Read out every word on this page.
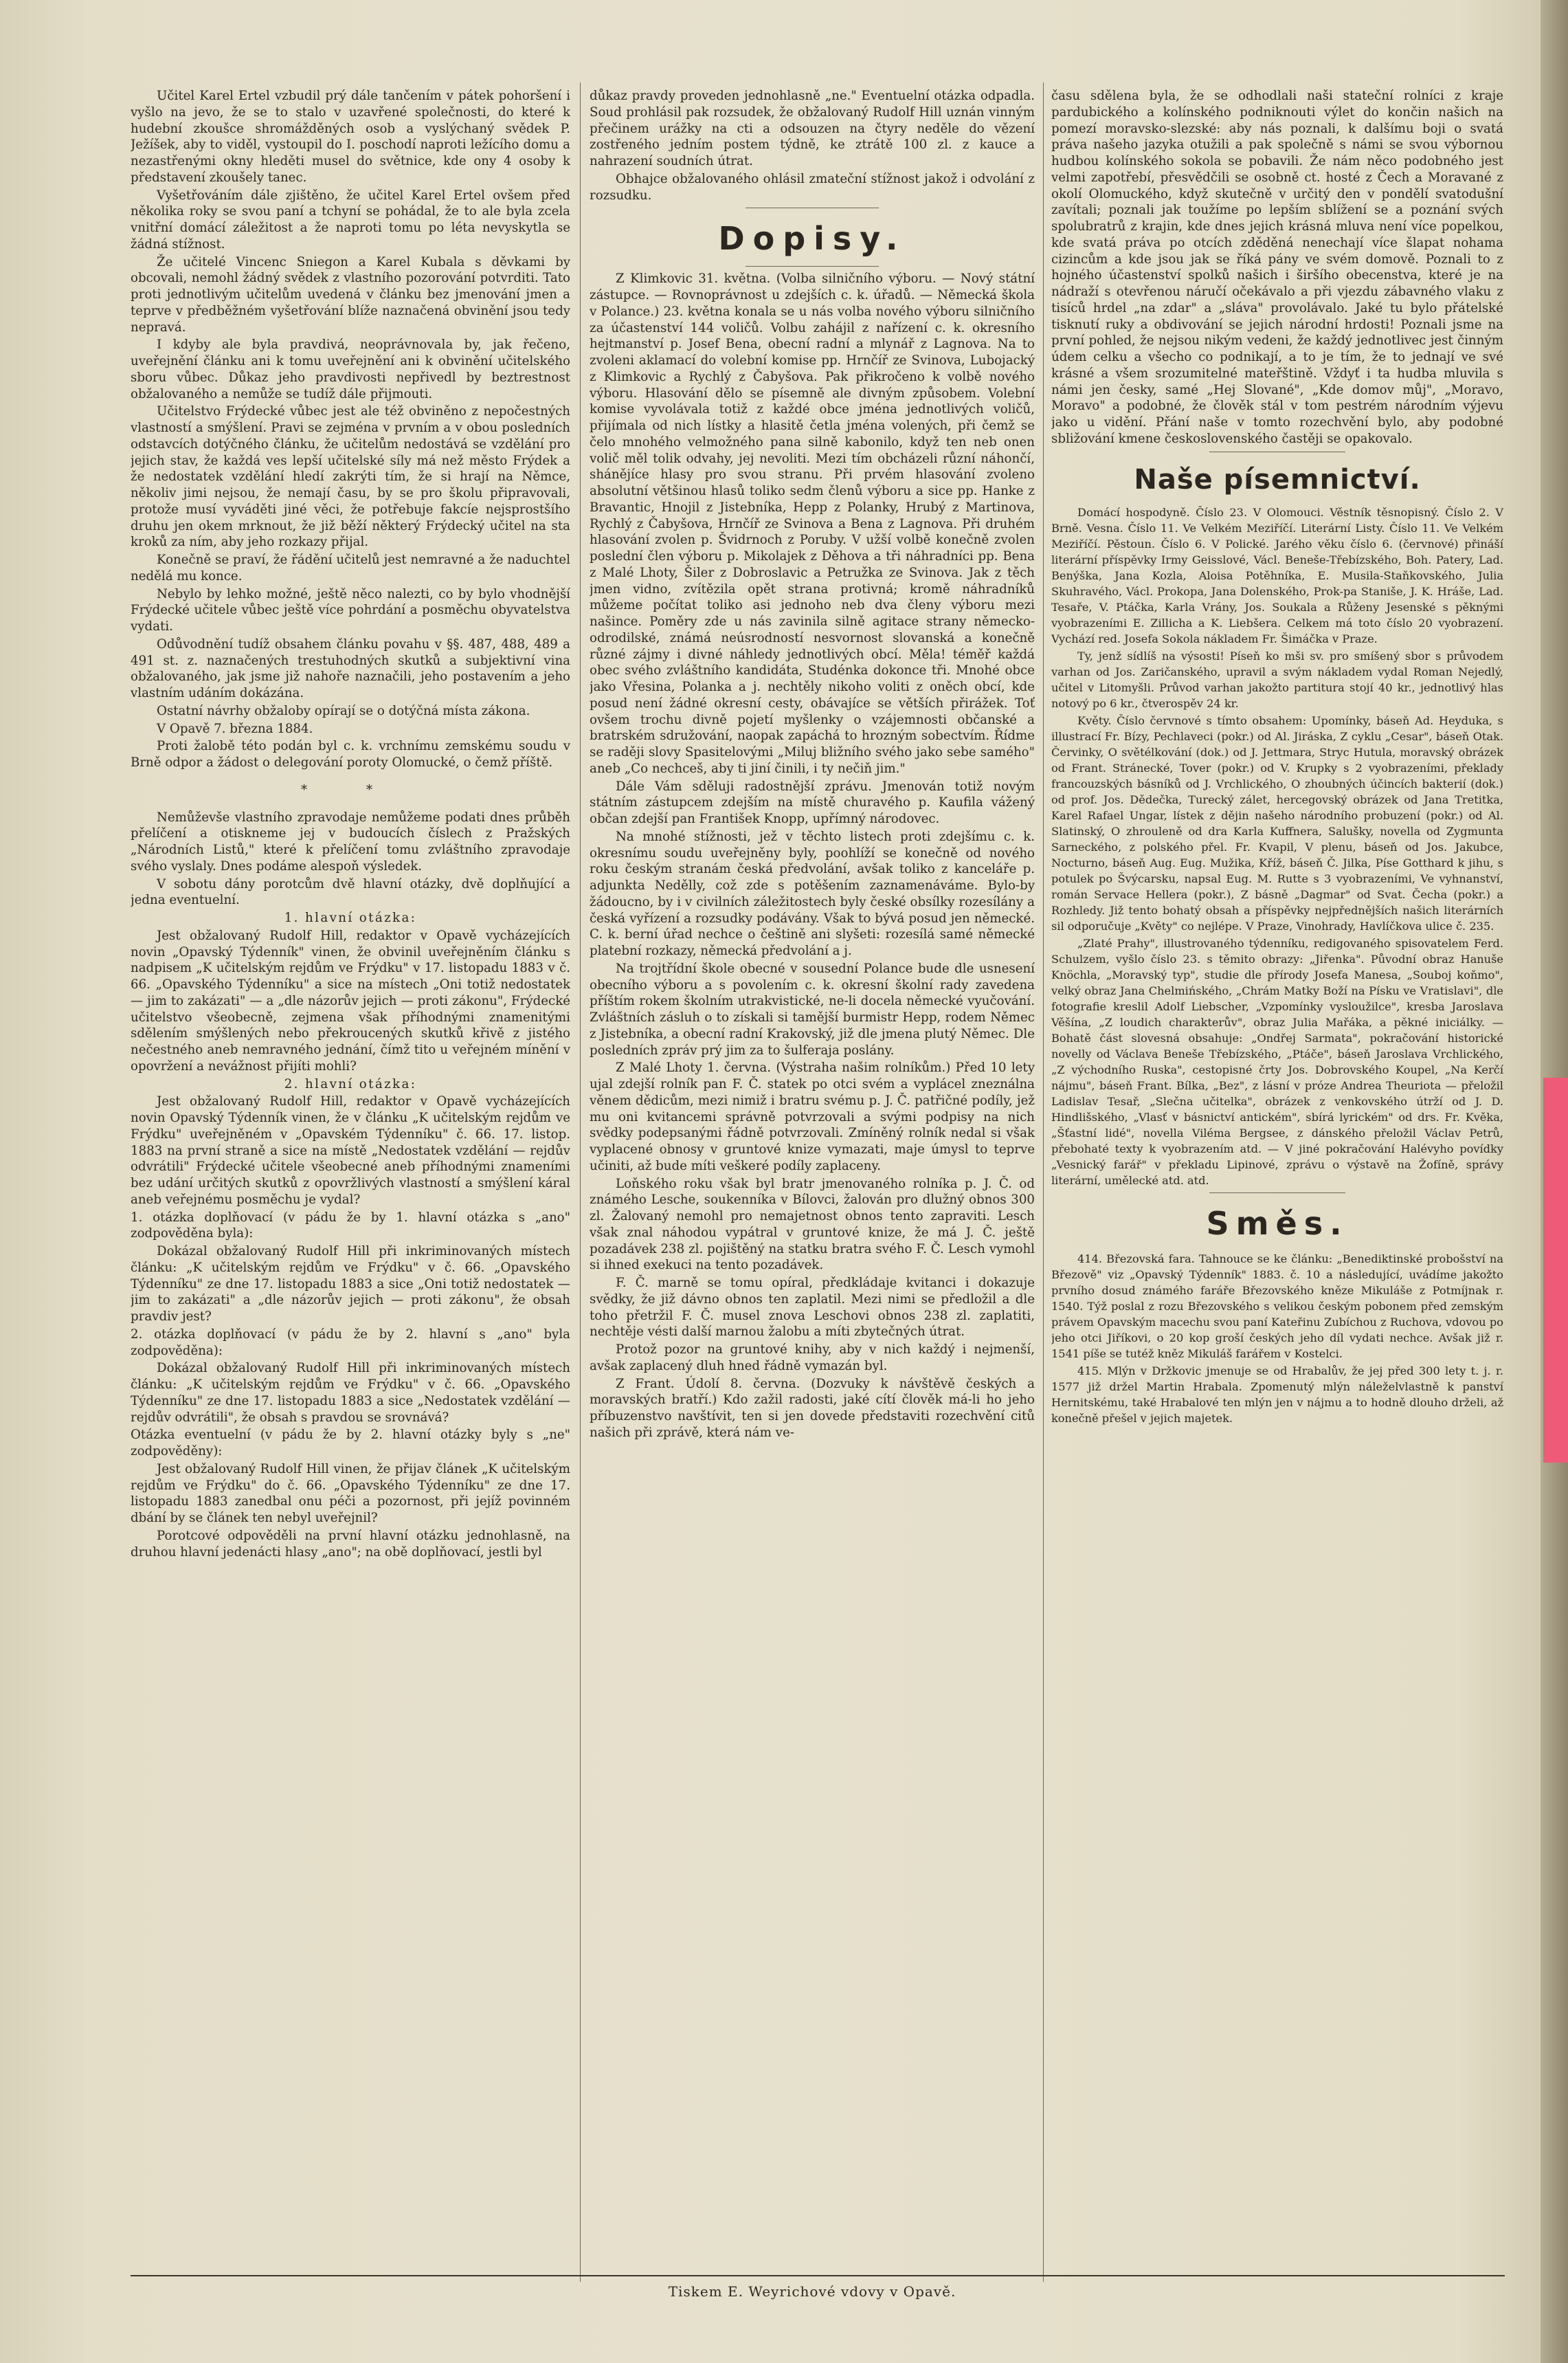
Učitel Karel Ertel vzbudil prý dále tančením v pátek pohoršení i vyšlo na jevo, že se to stalo v uzavřené společnosti, do které k hudební zkoušce shromážděných osob a vyslýchaný svědek P. Ježíšek, aby to viděl, vystoupil do I. poschodí naproti ležícího domu a nezastřenými okny hleděti musel do světnice, kde ony 4 osoby k představení zkoušely tanec.

Vyšetřováním dále zjištěno, že učitel Karel Ertel ovšem před několika roky se svou paní a tchyní se pohádal, že to ale byla zcela vnitřní domácí záležitost a že naproti tomu po léta nevyskytla se žádná stížnost.

Že učitelé Vincenc Sniegon a Karel Kubala s děvkami by obcovali, nemohl žádný svědek z vlastního pozorování potvrditi. Tato proti jednotlivým učitelům uvedená v článku bez jmenování jmen a teprve v předběžném vyšetřování blíže naznačená obvinění jsou tedy nepravá.

I kdyby ale byla pravdivá, neoprávnovala by, jak řečeno, uveřejnění článku ani k tomu uveřejnění ani k obvinění učitelského sboru vůbec. Důkaz jeho pravdivosti nepřivedl by beztrestnost obžalovaného a nemůže se tudíž dále přijmouti.

Učitelstvo Frýdecké vůbec jest ale též obviněno z nepočestných vlastností a smýšlení. Pravi se zejména v prvním a v obou posledních odstavcích dotýčného článku, že učitelům nedostává se vzdělání pro jejich stav, že každá ves lepší učitelské síly má než město Frýdek a že nedostatek vzdělání hledí zakrýti tím, že si hrají na Němce, několiv jimi nejsou, že nemají času, by se pro školu připravovali, protože musí vyváděti jiné věci, že potřebuje fakcíe nejsprostšího druhu jen okem mrknout, že již běží některý Frýdecký učitel na sta kroků za ním, aby jeho rozkazy přijal.

Konečně se praví, že řádění učitelů jest nemravné a že naduchtel nedělá mu konce.

Nebylo by lehko možné, ještě něco nalezti, co by bylo vhodnější Frýdecké učitele vůbec ještě více pohrdání a posměchu obyvatelstva vydati.

Odůvodnění tudíž obsahem článku povahu v §§. 487, 488, 489 a 491 st. z. naznačených trestuhodných skutků a subjektivní vina obžalovaného, jak jsme již nahoře naznačili, jeho postavením a jeho vlastním udáním dokázána.

Ostatní návrhy obžaloby opírají se o dotýčná místa zákona.

V Opavě 7. března 1884.

Proti žalobě této podán byl c. k. vrchnímu zemskému soudu v Brně odpor a žádost o delegování poroty Olomucké, o čemž příště.

* *

Nemůževše vlastního zpravodaje nemůžeme podati dnes průběh přelíčení a otiskneme jej v budoucích číslech z Pražských „Národních Listů," které k přelíčení tomu zvláštního zpravodaje svého vyslaly. Dnes podáme alespoň výsledek.

V sobotu dány porotcům dvě hlavní otázky, dvě doplňující a jedna eventuelní.

1. hlavní otázka:

Jest obžalovaný Rudolf Hill, redaktor v Opavě vycházejících novin „Opavský Týdenník" vinen, že obvinil uveřejněním článku s nadpisem „K učitelským rejdům ve Frýdku" v 17. listopadu 1883 v č. 66. „Opavského Týdenníku" a sice na místech „Oni totiž nedostatek — jim to zakázati" — a „dle názorův jejich — proti zákonu", Frýdecké učitelstvo všeobecně, zejmena však příhodnými znamenitými sdělením smýšlených nebo překroucených skutků křivě z jistého nečestného aneb nemravného jednání, čímž tito u veřejném mínění v opovržení a nevážnost přijíti mohli?

2. hlavní otázka:

Jest obžalovaný Rudolf Hill, redaktor v Opavě vycházejících novin Opavský Týdenník vinen, že v článku „K učitelským rejdům ve Frýdku" uveřejněném v „Opavském Týdenníku" č. 66. 17. listop. 1883 na první straně a sice na místě „Nedostatek vzdělání — rejdův odvrátili" Frýdecké učitele všeobecné aneb příhodnými znameními bez udání určitých skutků z opovržlivých vlastností a smýšlení káral aneb veřejnému posměchu je vydal?

1. otázka doplňovací (v pádu že by 1. hlavní otázka s „ano" zodpověděna byla):

Dokázal obžalovaný Rudolf Hill při inkriminovaných místech článku: „K učitelským rejdům ve Frýdku" v č. 66. „Opavského Týdenníku" ze dne 17. listopadu 1883 a sice „Oni totiž nedostatek — jim to zakázati" a „dle názorův jejich — proti zákonu", že obsah pravdiv jest?

2. otázka doplňovací (v pádu že by 2. hlavní s „ano" byla zodpověděna):

Dokázal obžalovaný Rudolf Hill při inkriminovaných místech článku: „K učitelským rejdům ve Frýdku" v č. 66. „Opavského Týdenníku" ze dne 17. listopadu 1883 a sice „Nedostatek vzdělání — rejdův odvrátili", že obsah s pravdou se srovnává?

Otázka eventuelní (v pádu že by 2. hlavní otázky byly s „ne" zodpověděny):

Jest obžalovaný Rudolf Hill vinen, že přijav článek „K učitelským rejdům ve Frýdku" do č. 66. „Opavského Týdenníku" ze dne 17. listopadu 1883 zanedbal onu péči a pozornost, při jejíž povinném dbání by se článek ten nebyl uveřejnil?

Porotcové odpověděli na první hlavní otázku jednohlasně, na druhou hlavní jedenácti hlasy „ano"; na obě doplňovací, jestli byl

důkaz pravdy proveden jednohlasně „ne." Eventuelní otázka odpadla. Soud prohlásil pak rozsudek, že obžalovaný Rudolf Hill uznán vinným přečinem urážky na cti a odsouzen na čtyry neděle do vězení zostřeného jedním postem týdně, ke ztrátě 100 zl. z kauce a nahrazení soudních útrat.

Obhajce obžalovaného ohlásil zmateční stížnost jakož i odvolání z rozsudku.

Dopisy.

Z Klimkovic 31. května. (Volba silničního výboru. — Nový státní zástupce. — Rovnoprávnost u zdejších c. k. úřadů. — Německá škola v Polance.) 23. května konala se u nás volba nového výboru silničního za účastenství 144 voličů. Volbu zahájil z nařízení c. k. okresního hejtmanství p. Josef Bena, obecní radní a mlynář z Lagnova. Na to zvoleni aklamací do volební komise pp. Hrnčíř ze Svinova, Lubojacký z Klimkovic a Rychlý z Čabyšova. Pak přikročeno k volbě nového výboru. Hlasování dělo se písemně ale divným způsobem. Volební komise vyvolávala totiž z každé obce jména jednotlivých voličů, přijímala od nich lístky a hlasitě četla jména volených, při čemž se čelo mnohého velmožného pana silně kabonilo, když ten neb onen volič měl tolik odvahy, jej nevoliti. Mezi tím obcházeli různí náhončí, shánějíce hlasy pro svou stranu. Při prvém hlasování zvoleno absolutní většinou hlasů toliko sedm členů výboru a sice pp. Hanke z Bravantic, Hnojil z Jistebníka, Hepp z Polanky, Hrubý z Martinova, Rychlý z Čabyšova, Hrnčíř ze Svinova a Bena z Lagnova. Při druhém hlasování zvolen p. Švidrnoch z Poruby. V užší volbě konečně zvolen poslední člen výboru p. Mikolajek z Děhova a tři náhradníci pp. Bena z Malé Lhoty, Šiler z Dobroslavic a Petružka ze Svinova. Jak z těch jmen vidno, zvítězila opět strana protivná; kromě náhradníků můžeme počítat toliko asi jednoho neb dva členy výboru mezi našince. Poměry zde u nás zavinila silně agitace strany německo-odrodilské, známá neúsrodností nesvornost slovanská a konečně různé zájmy i divné náhledy jednotlivých obcí. Měla! téměř každá obec svého zvláštního kandidáta, Studénka dokonce tři. Mnohé obce jako Vřesina, Polanka a j. nechtěly nikoho voliti z oněch obcí, kde posud není žádné okresní cesty, obávajíce se větších přirážek. Toť ovšem trochu divně pojetí myšlenky o vzájemnosti občanské a bratrském sdružování, naopak zapáchá to hrozným sobectvím. Řídme se raději slovy Spasitelovými „Miluj bližního svého jako sebe samého" aneb „Co nechceš, aby ti jiní činili, i ty nečiň jim."

Dále Vám sděluji radostnější zprávu. Jmenován totiž novým státním zástupcem zdejším na místě churavého p. Kaufila vážený občan zdejší pan František Knopp, upřímný národovec.

Na mnohé stížnosti, jež v těchto listech proti zdejšímu c. k. okresnímu soudu uveřejněny byly, poohlíží se konečně od nového roku českým stranám česká předvolání, avšak toliko z kanceláře p. adjunkta Nedělly, což zde s potěšením zaznamenáváme. Bylo-by žádoucno, by i v civilních záležitostech byly české obsílky rozesílány a česká vyřízení a rozsudky podávány. Však to bývá posud jen německé. C. k. berní úřad nechce o češtině ani slyšeti: rozesílá samé německé platební rozkazy, německá předvolání a j.

Na trojtřídní škole obecné v sousední Polance bude dle usnesení obecního výboru a s povolením c. k. okresní školní rady zavedena příštím rokem školním utrakvistické, ne-li docela německé vyučování. Zvláštních zásluh o to získali si tamější burmistr Hepp, rodem Němec z Jistebníka, a obecní radní Krakovský, již dle jmena plutý Němec. Dle posledních zpráv prý jim za to šulferaja poslány.

Z Malé Lhoty 1. června. (Výstraha našim rolníkům.) Před 10 lety ujal zdejší rolník pan F. Č. statek po otci svém a vyplácel zneználna věnem dědicům, mezi nimiž i bratru svému p. J. Č. patřičné podíly, jež mu oni kvitancemi správně potvrzovali a svými podpisy na nich svědky podepsanými řádně potvrzovali. Zmíněný rolník nedal si však vyplacené obnosy v gruntové knize vymazati, maje úmysl to teprve učiniti, až bude míti veškeré podíly zaplaceny.

Loňského roku však byl bratr jmenovaného rolníka p. J. Č. od známého Lesche, soukenníka v Bílovci, žalován pro dlužný obnos 300 zl. Žalovaný nemohl pro nemajetnost obnos tento zapraviti. Lesch však znal náhodou vypátral v gruntové knize, že má J. Č. ještě pozadávek 238 zl. pojištěný na statku bratra svého F. Č. Lesch vymohl si ihned exekuci na tento pozadávek.

F. Č. marně se tomu opíral, předkládaje kvitanci i dokazuje svědky, že již dávno obnos ten zaplatil. Mezi nimi se předložil a dle toho přetržil F. Č. musel znova Leschovi obnos 238 zl. zaplatiti, nechtěje vésti další marnou žalobu a míti zbytečných útrat.

Protož pozor na gruntové knihy, aby v nich každý i nejmenší, avšak zaplacený dluh hned řádně vymazán byl.

Z Frant. Údolí 8. června. (Dozvuky k návštěvě českých a moravských bratří.) Kdo zažil radosti, jaké cítí člověk má-li ho jeho příbuzenstvo navštívit, ten si jen dovede představiti rozechvění citů našich při zprávě, která nám ve-

času sdělena byla, že se odhodlali naši stateční rolníci z kraje pardubického a kolínského podniknouti výlet do končin našich na pomezí moravsko-slezské: aby nás poznali, k dalšímu boji o svatá práva našeho jazyka otužili a pak společně s námi se svou výbornou hudbou kolínského sokola se pobavili. Že nám něco podobného jest velmi zapotřebí, přesvědčili se osobně ct. hosté z Čech a Moravané z okolí Olomuckého, když skutečně v určitý den v pondělí svatodušní zavítali; poznali jak toužíme po lepším sblížení se a poznání svých spolubratrů z krajin, kde dnes jejich krásná mluva není více popelkou, kde svatá práva po otcích zděděná nenechají více šlapat nohama cizincům a kde jsou jak se říká pány ve svém domově. Poznali to z hojného účastenství spolků našich i širšího obecenstva, které je na nádraží s otevřenou náručí očekávalo a při vjezdu zábavného vlaku z tisíců hrdel „na zdar" a „sláva" provolávalo. Jaké tu bylo přátelské tisknutí ruky a obdivování se jejich národní hrdosti! Poznali jsme na první pohled, že nejsou nikým vedeni, že každý jednotlivec jest činným údem celku a všecho co podnikají, a to je tím, že to jednají ve své krásné a všem srozumitelné mateřštině. Vždyť i ta hudba mluvila s námi jen česky, samé „Hej Slované", „Kde domov můj", „Moravo, Moravo" a podobné, že člověk stál v tom pestrém národním výjevu jako u vidění. Přání naše v tomto rozechvění bylo, aby podobné sbližování kmene československého častěji se opakovalo.

Naše písemnictví.

Domácí hospodyně. Číslo 23. V Olomouci. Věstník těsnopisný. Číslo 2. V Brně. Vesna. Číslo 11. Ve Velkém Meziříčí. Literární Listy. Číslo 11. Ve Velkém Meziříčí. Pěstoun. Číslo 6. V Polické. Jarého věku číslo 6. (červnové) přináší literární příspěvky Irmy Geisslové, Václ. Beneše-Třebízského, Boh. Patery, Lad. Benýška, Jana Kozla, Aloisa Potěhníka, E. Musila-Staňkovského, Julia Skuhravého, Václ. Prokopa, Jana Dolenského, Prok-pa Staniše, J. K. Hráše, Lad. Tesaře, V. Ptáčka, Karla Vrány, Jos. Soukala a Růženy Jesenské s pěknými vyobrazeními E. Zillicha a K. Liebšera. Celkem má toto číslo 20 vyobrazení. Vychází red. Josefa Sokola nákladem Fr. Šimáčka v Praze.

Ty, jenž sídlíš na výsosti! Píseň ko mši sv. pro smíšený sbor s průvodem varhan od Jos. Zaričanského, upravil a svým nákladem vydal Roman Nejedlý, učitel v Litomyšli. Průvod varhan jakožto partitura stojí 40 kr., jednotlivý hlas notový po 6 kr., čtverospěv 24 kr.

Květy. Číslo červnové s tímto obsahem: Upomínky, báseň Ad. Heyduka, s illustrací Fr. Bízy, Pechlaveci (pokr.) od Al. Jiráska, Z cyklu „Cesar", báseň Otak. Červinky, O světélkování (dok.) od J. Jettmara, Stryc Hutula, moravský obrázek od Frant. Stránecké, Tover (pokr.) od V. Krupky s 2 vyobrazeními, překlady francouzských básníků od J. Vrchlického, O zhoubných účincích bakterií (dok.) od prof. Jos. Dědečka, Turecký zálet, hercegovský obrázek od Jana Tretitka, Karel Rafael Ungar, lístek z dějin našeho národního probuzení (pokr.) od Al. Slatinský, O zhrouleně od dra Karla Kuffnera, Salušky, novella od Zygmunta Sarneckého, z polského přel. Fr. Kvapil, V plenu, báseň od Jos. Jakubce, Nocturno, báseň Aug. Eug. Mužika, Kříž, báseň Č. Jilka, Píse Gotthard k jihu, s potulek po Švýcarsku, napsal Eug. M. Rutte s 3 vyobrazeními, Ve vyhnanství, román Servace Hellera (pokr.), Z básně „Dagmar" od Svat. Čecha (pokr.) a Rozhledy. Již tento bohatý obsah a příspěvky nejpřednějších našich literárních sil odporučuje „Květy" co nejlépe. V Praze, Vinohrady, Havlíčkova ulice č. 235.

„Zlaté Prahy", illustrovaného týdenníku, redigovaného spisovatelem Ferd. Schulzem, vyšlo číslo 23. s těmito obrazy: „Jiřenka". Původní obraz Hanuše Knöchla, „Moravský typ", studie dle přírody Josefa Manesa, „Souboj koňmo", velký obraz Jana Chelmińského, „Chrám Matky Boží na Písku ve Vratislavi", dle fotografie kreslil Adolf Liebscher, „Vzpomínky vysloužilce", kresba Jaroslava Věšína, „Z loudich charakterův", obraz Julia Mařáka, a pěkné iniciálky. — Bohatě část slovesná obsahuje: „Ondřej Sarmata", pokračování historické novelly od Václava Beneše Třebízského, „Ptáče", báseň Jaroslava Vrchlického, „Z východního Ruska", cestopisné črty Jos. Dobrovského Koupel, „Na Kerčí nájmu", báseň Frant. Bílka, „Bez", z lásní v próze Andrea Theuriota — přeložil Ladislav Tesař, „Slečna učitelka", obrázek z venkovského útrží od J. D. Hindlišského, „Vlasť v básnictví antickém", sbírá lyrickém" od drs. Fr. Kvěka, „Šťastní lidé", novella Viléma Bergsee, z dánského přeložil Václav Petrů, přebohaté texty k vyobrazením atd. — V jiné pokračování Halévyho povídky „Vesnický farář" v překladu Lipinové, zprávu o výstavě na Žofíně, správy literární, umělecké atd. atd.

Směs.

414. Březovská fara. Tahnouce se ke článku: „Benediktinské probošství na Březově" viz „Opavský Týdenník" 1883. č. 10 a následující, uvádíme jakožto prvního dosud známého faráře Březovského kněze Mikuláše z Potmíjnak r. 1540. Týž poslal z rozu Březovského s velikou českým pobonem před zemským právem Opavským macechu svou paní Kateřinu Zubíchou z Ruchova, vdovou po jeho otci Jiříkovi, o 20 kop groší českých jeho díl vydati nechce. Avšak již r. 1541 píše se tutéž kněz Mikuláš farářem v Kostelci.

415. Mlýn v Držkovic jmenuje se od Hrabalův, že jej před 300 lety t. j. r. 1577 již držel Martin Hrabala. Zpomenutý mlýn náleželvlastně k panství Hernitskému, také Hrabalové ten mlýn jen v nájmu a to hodně dlouho drželi, až konečně přešel v jejich majetek.

Tiskem E. Weyrichové vdovy v Opavě.
